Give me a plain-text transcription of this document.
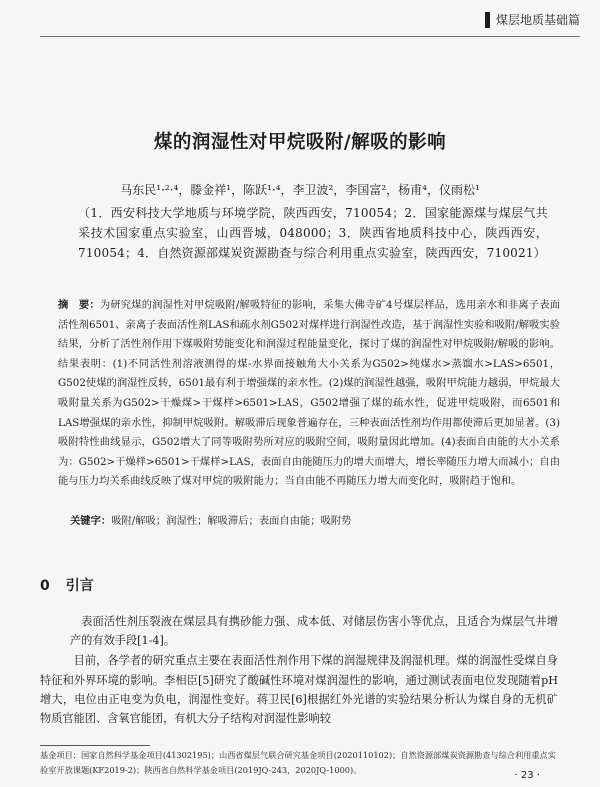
煤层地质基础篇
煤的润湿性对甲烷吸附/解吸的影响
马东民¹·²·⁴，滕金祥¹，陈跃¹·⁴，李卫波²，李国富²，杨甫⁴，仪雨松¹
（1．西安科技大学地质与环境学院，陕西西安，710054；2．国家能源煤与煤层气共采技术国家重点实验室，山西晋城，048000；3．陕西省地质科技中心，陕西西安，710054；4．自然资源部煤炭资源勘查与综合利用重点实验室，陕西西安，710021）
摘　要：为研究煤的润湿性对甲烷吸附/解吸特征的影响，采集大佛寺矿4号煤层样品，选用亲水和非离子表面活性剂6501、亲离子表面活性剂LAS和疏水剂G502对煤样进行润湿性改造，基于润湿性实验和吸附/解吸实验结果，分析了活性剂作用下煤吸附势能变化和润湿过程能量变化，探讨了煤的润湿性对甲烷吸附/解吸的影响。结果表明：(1)不同活性剂溶液测得的煤-水界面接触角大小关系为G502>纯煤水>蒸馏水>LAS>6501，G502使煤的润湿性反转，6501最有利于增强煤的亲水性。(2)煤的润湿性越强，吸附甲烷能力越弱，甲烷最大吸附量关系为G502>干燥煤>干煤样>6501>LAS，G502增强了煤的疏水性，促进甲烷吸附，而6501和LAS增强煤的亲水性，抑制甲烷吸附。解吸滞后现象普遍存在，三种表面活性剂均作用都使滞后更加显著。(3)吸附特性曲线显示，G502增大了同等吸附势所对应的吸附空间，吸附量因此增加。(4)表面自由能的大小关系为：G502>干燥样>6501>干煤样>LAS，表面自由能随压力的增大而增大，增长率随压力增大而减小；自由能与压力均关系曲线反映了煤对甲烷的吸附能力；当自由能不再随压力增大而变化时，吸附趋于饱和。
关键字：吸附/解吸；润湿性；解吸滞后；表面自由能；吸附势
0 引言

表面活性剂压裂液在煤层具有携砂能力强、成本低、对储层伤害小等优点，且适合为煤层气井增产的有效手段[1-4]。

目前，各学者的研究重点主要在表面活性剂作用下煤的润湿规律及润湿机理。煤的润湿性受煤自身特征和外界环境的影响。李相臣[5]研究了酸碱性环境对煤润湿性的影响，通过测试表面电位发现随着pH增大，电位由正电变为负电，润湿性变好。蒋卫民[6]根据红外光谱的实验结果分析认为煤自身的无机矿物质官能团、含氧官能团，有机大分子结构对润湿性影响较

基金项目：国家自然科学基金项目(41302195)；山西省煤层气联合研究基金项目(2020110102)；自然资源部煤炭资源勘查与综合利用重点实验室开放课题(KF2019-2)；陕西省自然科学基金项目(2019JQ-243，2020JQ-1000)。	· 23 ·
